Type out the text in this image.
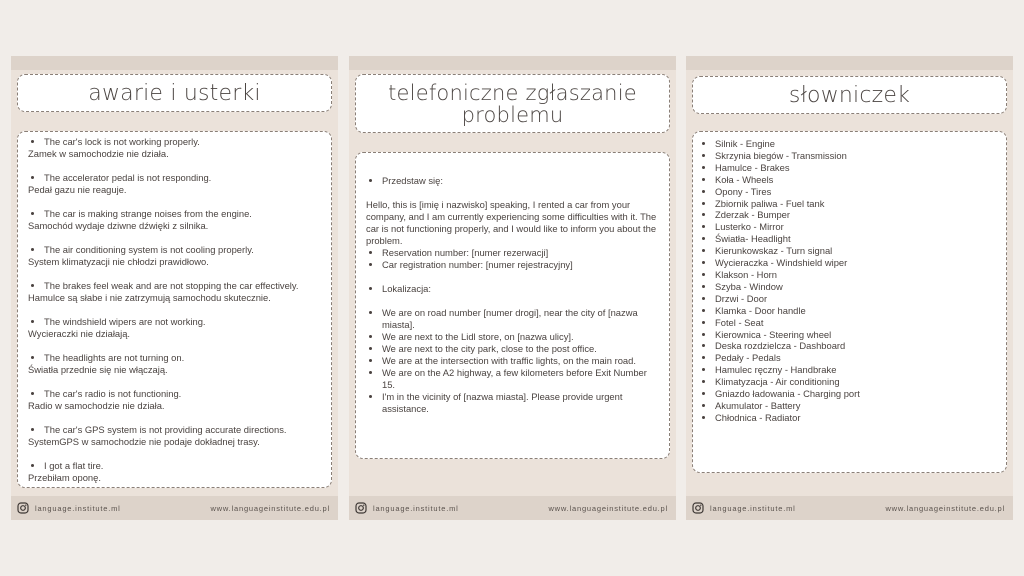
awarie i usterki
• The car's lock is not working properly.
Zamek w samochodzie nie działa.
• The accelerator pedal is not responding.
Pedał gazu nie reaguje.
• The car is making strange noises from the engine.
Samochód wydaje dziwne dźwięki z silnika.
• The air conditioning system is not cooling properly.
System klimatyzacji nie chłodzi prawidłowo.
• The brakes feel weak and are not stopping the car effectively.
Hamulce są słabe i nie zatrzymują samochodu skutecznie.
• The windshield wipers are not working.
Wycieraczki nie działają.
• The headlights are not turning on.
Światła przednie się nie włączają.
• The car's radio is not functioning.
Radio w samochodzie nie działa.
• The car's GPS system is not providing accurate directions.
SystemGPS w samochodzie nie podaje dokładnej trasy.
• I got a flat tire.
Przebiłam oponę.
language.institute.ml	www.languageinstitute.edu.pl
telefoniczne zgłaszanie problemu
• Przedstaw się:
Hello, this is [imię i nazwisko] speaking, I rented a car from your company, and I am currently experiencing some difficulties with it. The car is not functioning properly, and I would like to inform you about the problem.
• Reservation number: [numer rezerwacji]
• Car registration number: [numer rejestracyjny]
• Lokalizacja:
• We are on road number [numer drogi], near the city of [nazwa miasta].
• We are next to the Lidl store, on [nazwa ulicy].
• We are next to the city park, close to the post office.
• We are at the intersection with traffic lights, on the main road.
• We are on the A2 highway, a few kilometers before Exit Number 15.
• I'm in the vicinity of [nazwa miasta]. Please provide urgent assistance.
language.institute.ml	www.languageinstitute.edu.pl
słowniczek
• Silnik - Engine
• Skrzynia biegów - Transmission
• Hamulce - Brakes
• Koła - Wheels
• Opony - Tires
• Zbiornik paliwa - Fuel tank
• Zderzak - Bumper
• Lusterko - Mirror
• Światła- Headlight
• Kierunkowskaz - Turn signal
• Wycieraczka - Windshield wiper
• Klakson - Horn
• Szyba - Window
• Drzwi - Door
• Klamka - Door handle
• Fotel - Seat
• Kierownica - Steering wheel
• Deska rozdzielcza - Dashboard
• Pedały - Pedals
• Hamulec ręczny - Handbrake
• Klimatyzacja - Air conditioning
• Gniazdo ładowania - Charging port
• Akumulator - Battery
• Chłodnica - Radiator
language.institute.ml	www.languageinstitute.edu.pl
